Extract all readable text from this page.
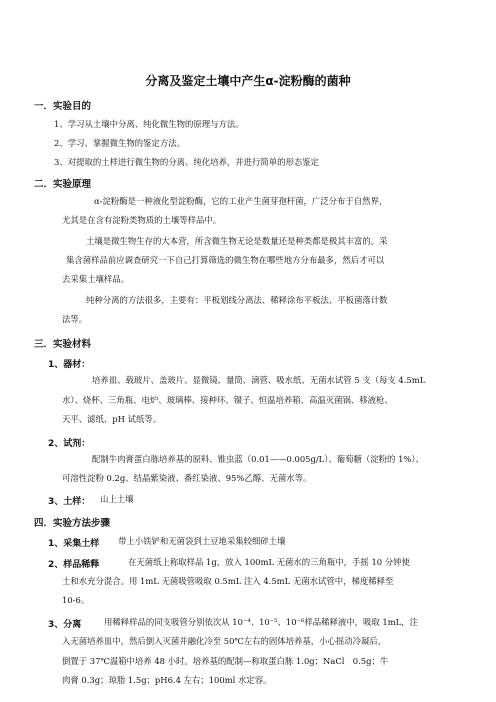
分离及鉴定土壤中产生α-淀粉酶的菌种
一．实验目的
1、学习从土壤中分离、纯化微生物的原理与方法。
2、学习、掌握微生物的鉴定方法。
3、对提取的土样进行微生物的分离、纯化培养，并进行简单的形态鉴定
二．实验原理
α-淀粉酶是一种液化型淀粉酶，它的工业产生菌芽孢杆菌，广泛分布于自然界，
尤其是在含有淀粉类物质的土壤等样品中。
土壤是微生物生存的大本营，所含微生物无论是数量还是种类都是极其丰富的。采
集含菌样品前应调查研究一下自己打算筛选的微生物在哪些地方分布最多，然后才可以
去采集土壤样品。
纯种分离的方法很多，主要有：平板划线分离法、稀释涂布平板法、平板菌落计数
法等。
三．实验材料
1、器材：
培养皿、载玻片、盖玻片、显微镜、量筒、滴管、吸水纸、无菌水试管 5 支（每支 4.5mL
水）、烧杯、三角瓶、电炉、玻璃棒、接种环、镊子、恒温培养箱、高温灭菌锅、移液枪、
天平、滤纸、pH 试纸等。
2、试剂：
配制牛肉膏蛋白胨培养基的原料、锥虫蓝（0.01——0.005g/L）、葡萄糖（淀粉的 1%）、
可溶性淀粉 0.2g、结晶紫染液、番红染液、95%乙醇、无菌水等。
3、土样： 山上土壤
四．实验方法步骤
1、采集土样 带上小铁铲和无菌袋到土豆地采集较细碎土壤
2、样品稀释	在无菌纸上称取样品 1g，放入 100mL 无菌水的三角瓶中，手摇 10 分钟使
土和水充分混合。用 1mL 无菌吸管吸取 0.5mL 注入 4.5mL 无菌水试管中，梯度稀释至
10-6。
3、分离	用稀释样品的同支吸管分别依次从 10⁻⁴、10⁻⁵、10⁻⁶样品稀释液中，吸取 1mL，注
入无菌培养皿中，然后倒入灭菌并融化冷至 50℃左右的固体培养基，小心摇动冷凝后，
倒置于 37℃温箱中培养 48 小时。培养基的配制—称取蛋白胨 1.0g；NaCl　0.5g；牛
肉膏 0.3g；琼脂 1.5g；pH6.4 左右；100ml 水定容。
